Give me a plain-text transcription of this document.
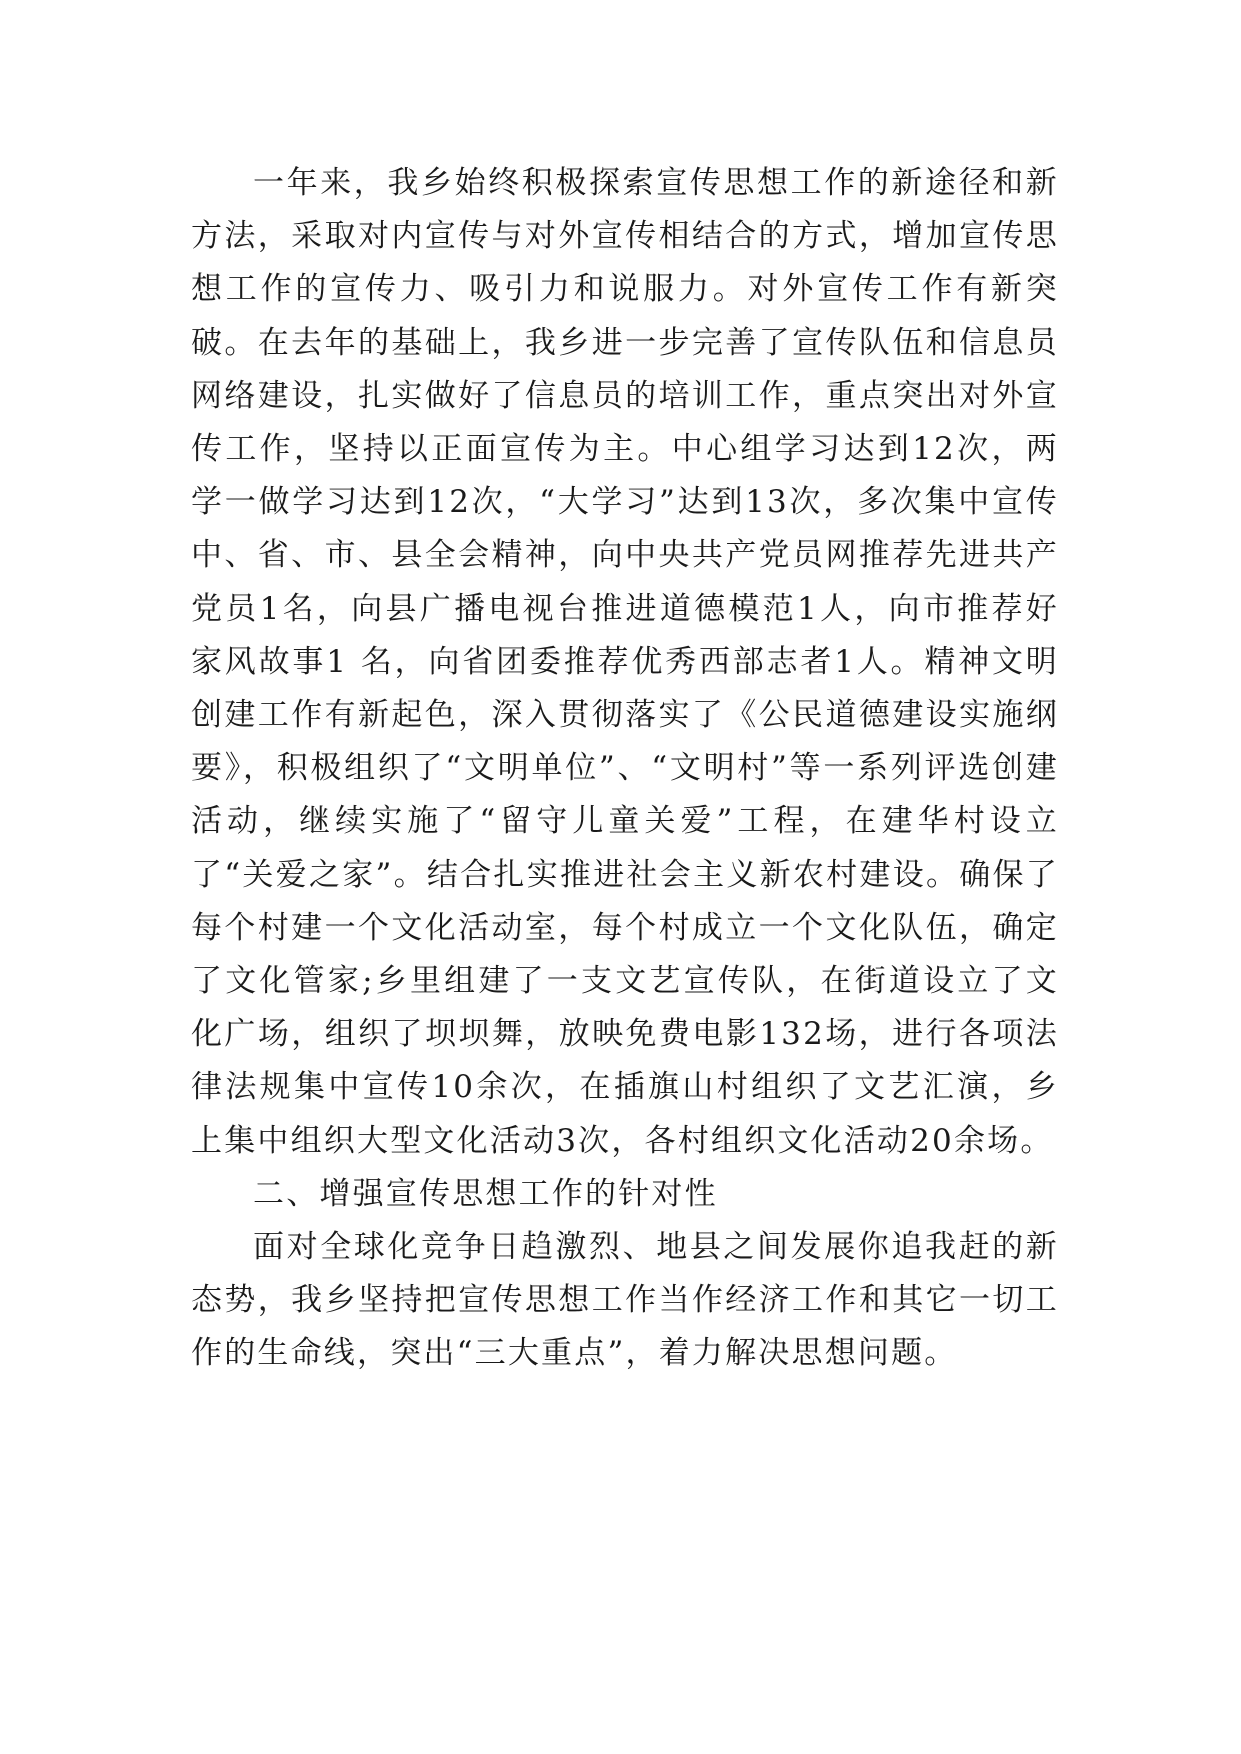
一年来，我乡始终积极探索宣传思想工作的新途径和新方法，采取对内宣传与对外宣传相结合的方式，增加宣传思想工作的宣传力、吸引力和说服力。对外宣传工作有新突破。在去年的基础上，我乡进一步完善了宣传队伍和信息员网络建设，扎实做好了信息员的培训工作，重点突出对外宣传工作，坚持以正面宣传为主。中心组学习达到12次，两学一做学习达到12次，“大学习”达到13次，多次集中宣传中、省、市、县全会精神，向中央共产党员网推荐先进共产党员1名，向县广播电视台推进道德模范1人，向市推荐好家风故事1 名，向省团委推荐优秀西部志者1人。精神文明创建工作有新起色，深入贯彻落实了《公民道德建设实施纲要》，积极组织了“文明单位”、“文明村”等一系列评选创建活动，继续实施了“留守儿童关爱”工程，在建华村设立了“关爱之家”。结合扎实推进社会主义新农村建设。确保了每个村建一个文化活动室，每个村成立一个文化队伍，确定了文化管家;乡里组建了一支文艺宣传队，在街道设立了文化广场，组织了坝坝舞，放映免费电影132场，进行各项法律法规集中宣传10余次，在插旗山村组织了文艺汇演，乡上集中组织大型文化活动3次，各村组织文化活动20余场。

二、增强宣传思想工作的针对性

面对全球化竞争日趋激烈、地县之间发展你追我赶的新态势，我乡坚持把宣传思想工作当作经济工作和其它一切工作的生命线，突出“三大重点”，着力解决思想问题。
